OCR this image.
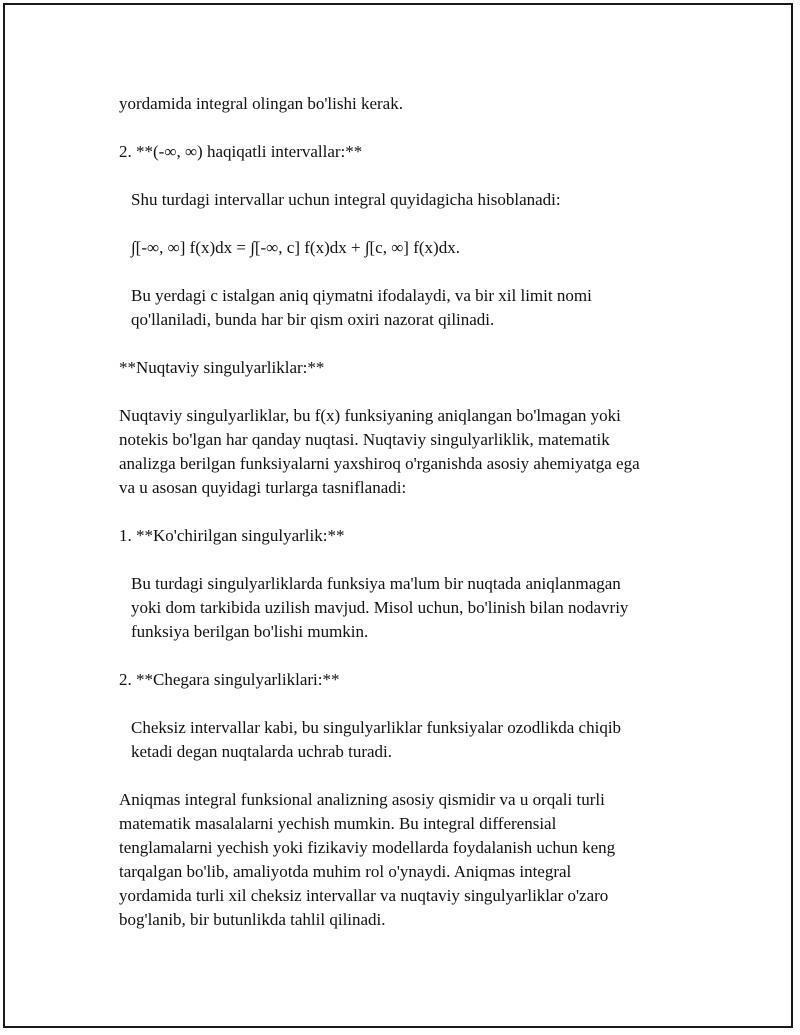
yordamida integral olingan bo'lishi kerak.

2. **(-∞, ∞) haqiqatli intervallar:**

Shu turdagi intervallar uchun integral quyidagicha hisoblanadi:

∫[-∞, ∞] f(x)dx = ∫[-∞, c] f(x)dx + ∫[c, ∞] f(x)dx.

Bu yerdagi c istalgan aniq qiymatni ifodalaydi, va bir xil limit nomi
qo'llaniladi, bunda har bir qism oxiri nazorat qilinadi.

**Nuqtaviy singulyarliklar:**

Nuqtaviy singulyarliklar, bu f(x) funksiyaning aniqlangan bo'lmagan yoki
notekis bo'lgan har qanday nuqtasi. Nuqtaviy singulyarliklik, matematik
analizga berilgan funksiyalarni yaxshiroq o'rganishda asosiy ahemiyatga ega
va u asosan quyidagi turlarga tasniflanadi:

1. **Ko'chirilgan singulyarlik:**

Bu turdagi singulyarliklarda funksiya ma'lum bir nuqtada aniqlanmagan
yoki dom tarkibida uzilish mavjud. Misol uchun, bo'linish bilan nodavriy
funksiya berilgan bo'lishi mumkin.

2. **Chegara singulyarliklari:**

Cheksiz intervallar kabi, bu singulyarliklar funksiyalar ozodlikda chiqib
ketadi degan nuqtalarda uchrab turadi.

Aniqmas integral funksional analizning asosiy qismidir va u orqali turli
matematik masalalarni yechish mumkin. Bu integral differensial
tenglamalarni yechish yoki fizikaviy modellarda foydalanish uchun keng
tarqalgan bo'lib, amaliyotda muhim rol o'ynaydi. Aniqmas integral
yordamida turli xil cheksiz intervallar va nuqtaviy singulyarliklar o'zaro
bog'lanib, bir butunlikda tahlil qilinadi.
